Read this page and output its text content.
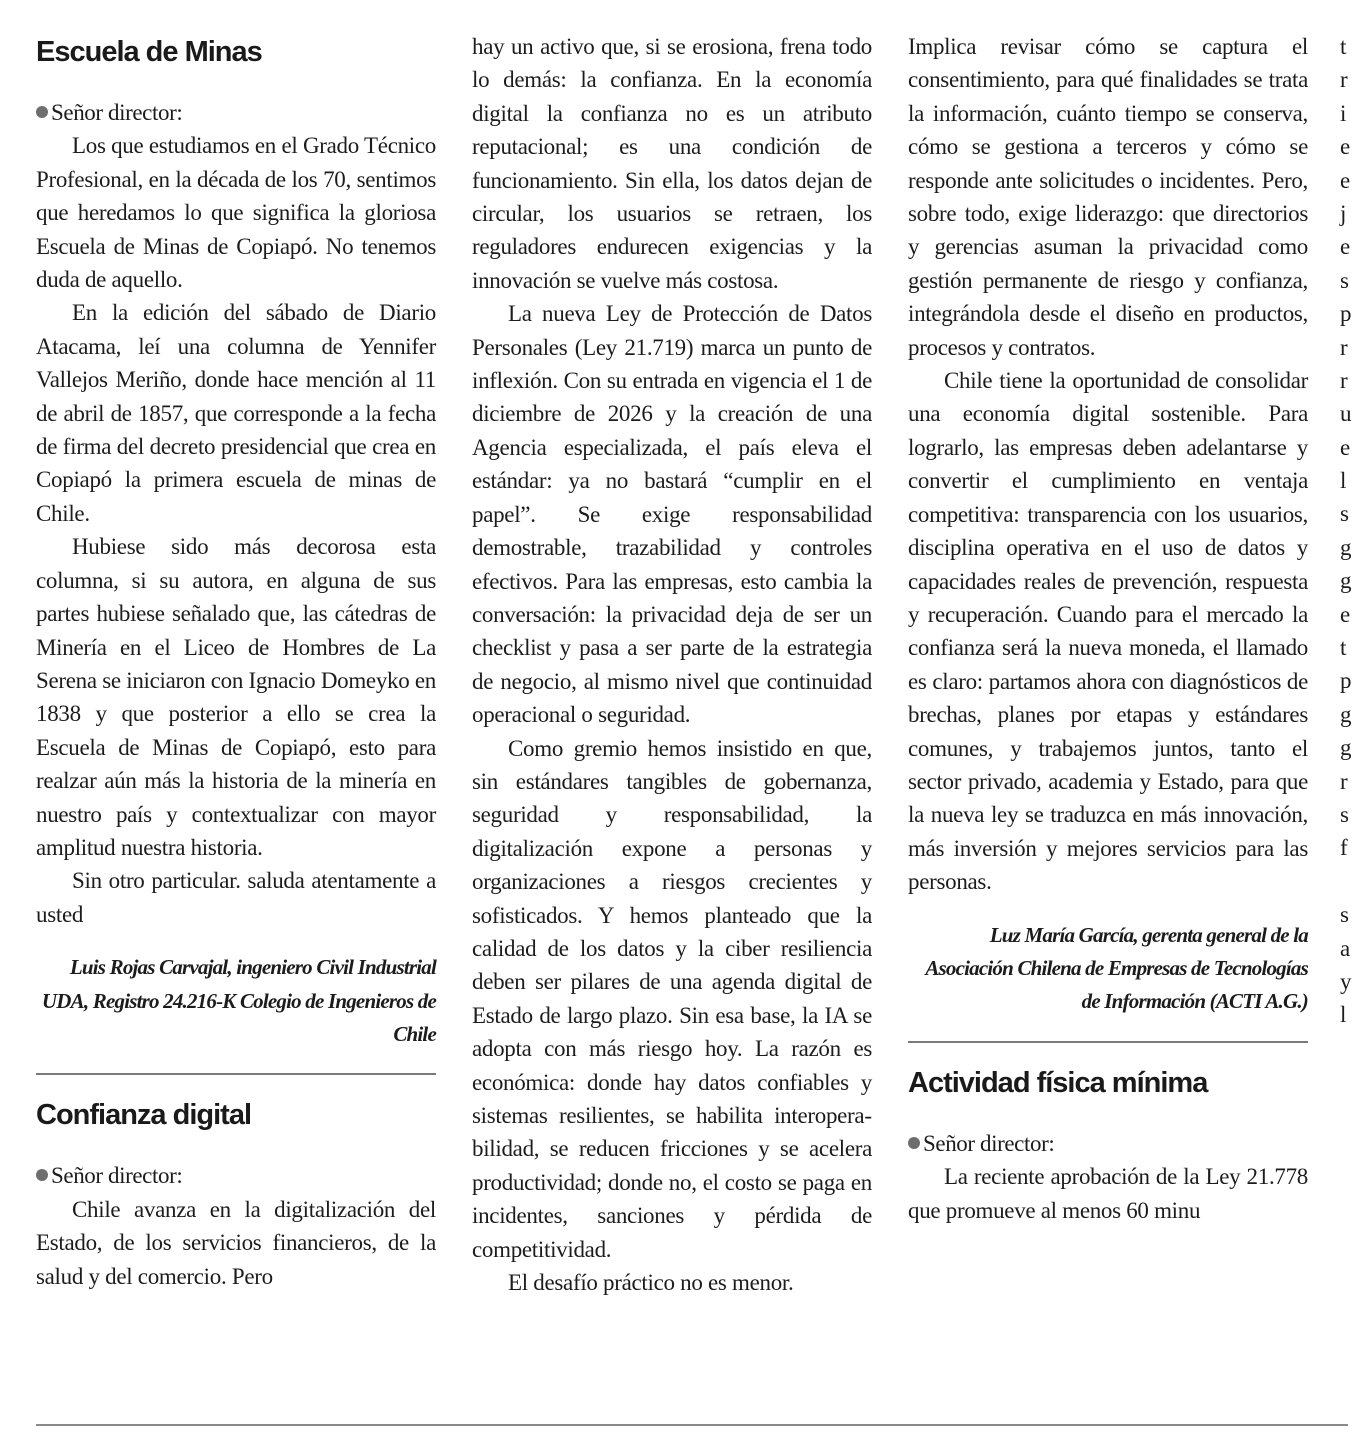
Escuela de Minas

Señor director:

Los que estudiamos en el Grado Técnico Profesional, en la década de los 70, sentimos que heredamos lo que significa la gloriosa Escuela de Minas de Copiapó. No tenemos duda de aquello.

En la edición del sábado de Diario Atacama, leí una columna de Yennifer Vallejos Meriño, donde hace mención al 11 de abril de 1857, que corresponde a la fecha de firma del decreto presidencial que crea en Copiapó la primera escuela de minas de Chile.

Hubiese sido más decorosa esta columna, si su autora, en alguna de sus partes hubiese señalado que, las cátedras de Minería en el Liceo de Hombres de La Serena se iniciaron con Ignacio Domeyko en 1838 y que posterior a ello se crea la Escuela de Minas de Copiapó, esto para realzar aún más la historia de la minería en nuestro país y contextualizar con mayor amplitud nuestra historia.

Sin otro particular. saluda atentamente a usted

Luis Rojas Carvajal, ingeniero Civil Industrial UDA, Registro 24.216-K Colegio de Ingenieros de Chile

Confianza digital

Señor director:

Chile avanza en la digitalización del Estado, de los servicios financieros, de la salud y del comercio. Pero

hay un activo que, si se erosiona, frena todo lo demás: la confianza. En la economía digital la confianza no es un atributo reputacional; es una condición de funcionamiento. Sin ella, los datos dejan de circular, los usuarios se retraen, los reguladores endurecen exigencias y la innovación se vuelve más costosa.

La nueva Ley de Protección de Datos Personales (Ley 21.719) marca un punto de inflexión. Con su entrada en vigencia el 1 de diciembre de 2026 y la creación de una Agencia especializada, el país eleva el estándar: ya no bastará “cumplir en el papel”. Se exige responsabilidad demostrable, trazabilidad y controles efectivos. Para las empresas, esto cambia la conversación: la privacidad deja de ser un checklist y pasa a ser parte de la estrategia de negocio, al mismo nivel que continuidad operacional o seguridad.

Como gremio hemos insistido en que, sin estándares tangibles de gobernanza, seguridad y responsabilidad, la digitalización expone a personas y organizaciones a riesgos crecientes y sofisticados. Y hemos planteado que la calidad de los datos y la ciber resiliencia deben ser pilares de una agenda digital de Estado de largo plazo. Sin esa base, la IA se adopta con más riesgo hoy. La razón es económica: donde hay datos confiables y sistemas resilientes, se habilita interoperabilidad, se reducen fricciones y se acelera productividad; donde no, el costo se paga en incidentes, sanciones y pérdida de competitividad.

El desafío práctico no es menor.

Implica revisar cómo se captura el consentimiento, para qué finalidades se trata la información, cuánto tiempo se conserva, cómo se gestiona a terceros y cómo se responde ante solicitudes o incidentes. Pero, sobre todo, exige liderazgo: que directorios y gerencias asuman la privacidad como gestión permanente de riesgo y confianza, integrándola desde el diseño en productos, procesos y contratos.

Chile tiene la oportunidad de consolidar una economía digital sostenible. Para lograrlo, las empresas deben adelantarse y convertir el cumplimiento en ventaja competitiva: transparencia con los usuarios, disciplina operativa en el uso de datos y capacidades reales de prevención, respuesta y recuperación. Cuando para el mercado la confianza será la nueva moneda, el llamado es claro: partamos ahora con diagnósticos de brechas, planes por etapas y estándares comunes, y trabajemos juntos, tanto el sector privado, academia y Estado, para que la nueva ley se traduzca en más innovación, más inversión y mejores servicios para las personas.

Luz María García, gerenta general de la Asociación Chilena de Empresas de Tecnologías de Información (ACTI A.G.)

Actividad física mínima

Señor director:

La reciente aprobación de la Ley 21.778 que promueve al menos 60 minu

t
r
i
e
e
j
e
s
p
r
r
u
e
l
s
g
g
e
t
p
g
g
r
s
f
s
a
y
l
